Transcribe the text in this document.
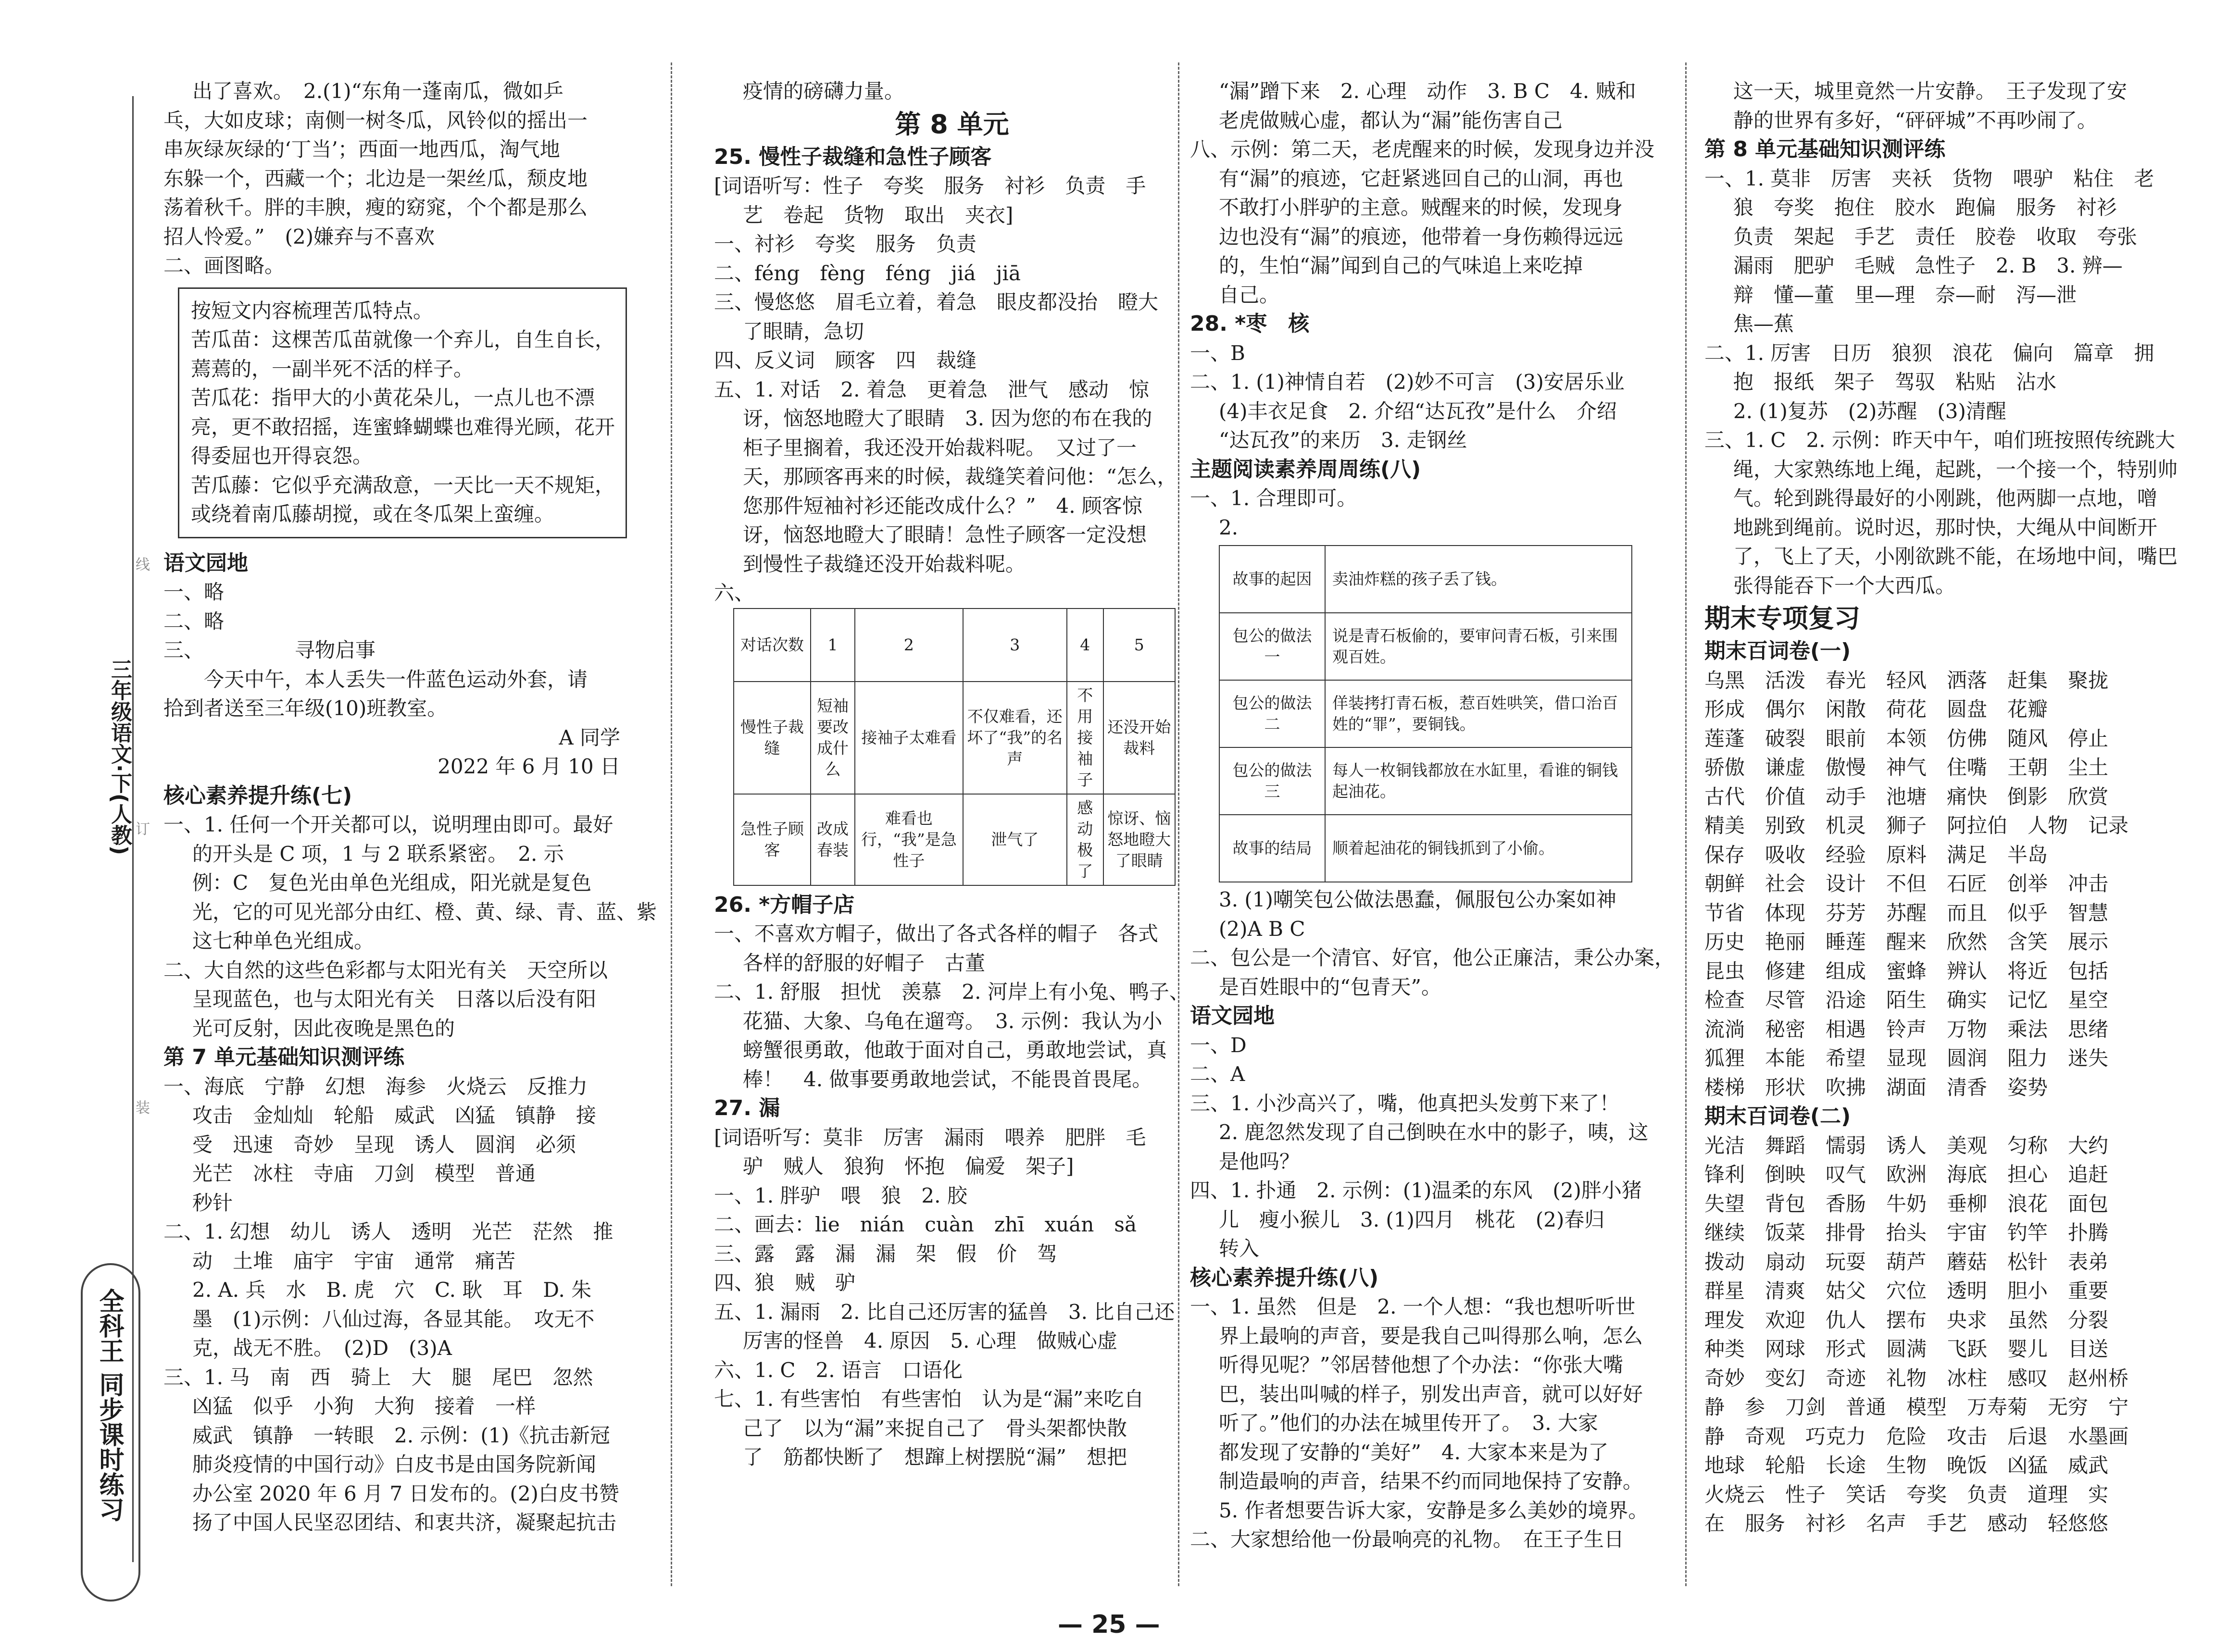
三年级语文·下(人教)
线
订
装
全科王 同步课时练习
出了喜欢。　2.(1)“东角一蓬南瓜，微如乒
乓，大如皮球；南侧一树冬瓜，风铃似的摇出一
串灰绿灰绿的‘丁当’；西面一地西瓜，淘气地
东躲一个，西藏一个；北边是一架丝瓜，颓皮地
荡着秋千。胖的丰腴，瘦的窈窕，个个都是那么
招人怜爱。”　(2)嫌弃与不喜欢
二、画图略。
按短文内容梳理苦瓜特点。
苦瓜苗：这棵苦瓜苗就像一个弃儿，自生自长，
蔫蔫的，一副半死不活的样子。
苦瓜花：指甲大的小黄花朵儿，一点儿也不漂
亮，更不敢招摇，连蜜蜂蝴蝶也难得光顾，花开
得委屈也开得哀怨。
苦瓜藤：它似乎充满敌意，一天比一天不规矩，
或绕着南瓜藤胡搅，或在冬瓜架上蛮缠。
语文园地
一、略
二、略
三、　　　　　寻物启事
　　今天中午，本人丢失一件蓝色运动外套，请
拾到者送至三年级(10)班教室。
A 同学
2022 年 6 月 10 日
核心素养提升练(七)
一、1. 任何一个开关都可以，说明理由即可。最好
的开头是 C 项，1 与 2 联系紧密。　2. 示
例：C　复色光由单色光组成，阳光就是复色
光，它的可见光部分由红、橙、黄、绿、青、蓝、紫
这七种单色光组成。
二、大自然的这些色彩都与太阳光有关　天空所以
呈现蓝色，也与太阳光有关　日落以后没有阳
光可反射，因此夜晚是黑色的
第 7 单元基础知识测评练
一、海底　宁静　幻想　海参　火烧云　反推力
攻击　金灿灿　轮船　威武　凶猛　镇静　接
受　迅速　奇妙　呈现　诱人　圆润　必须
光芒　冰柱　寺庙　刀剑　模型　普通
秒针
二、1. 幻想　幼儿　诱人　透明　光芒　茫然　推
动　土堆　庙宇　宇宙　通常　痛苦
2. A. 兵　水　B. 虎　穴　C. 耿　耳　D. 朱
墨　(1)示例：八仙过海，各显其能。　攻无不
克，战无不胜。　(2)D　(3)A
三、1. 马　南　西　骑上　大　腿　尾巴　忽然
凶猛　似乎　小狗　大狗　接着　一样
威武　镇静　一转眼　2. 示例：(1)《抗击新冠
肺炎疫情的中国行动》白皮书是由国务院新闻
办公室 2020 年 6 月 7 日发布的。(2)白皮书赞
扬了中国人民坚忍团结、和衷共济，凝聚起抗击
疫情的磅礴力量。
第 8 单元
25. 慢性子裁缝和急性子顾客
[词语听写：性子　夸奖　服务　衬衫　负责　手
艺　卷起　货物　取出　夹衣]
一、衬衫　夸奖　服务　负责
二、féng　fèng　féng　jiá　jiā
三、慢悠悠　眉毛立着，着急　眼皮都没抬　瞪大
了眼睛，急切
四、反义词　顾客　四　裁缝
五、1. 对话　2. 着急　更着急　泄气　感动　惊
讶，恼怒地瞪大了眼睛　3. 因为您的布在我的
柜子里搁着，我还没开始裁料呢。　又过了一
天，那顾客再来的时候，裁缝笑着问他：“怎么，
您那件短袖衬衫还能改成什么？”　4. 顾客惊
讶，恼怒地瞪大了眼睛！急性子顾客一定没想
到慢性子裁缝还没开始裁料呢。
六、
对话次数	1	2	3	4	5
慢性子裁缝	短袖要改成什么	接袖子太难看	不仅难看，还坏了“我”的名声	不用接袖子	还没开始裁料
急性子顾客	改成春装	难看也行，“我”是急性子	泄气了	感动极了	惊讶、恼怒地瞪大了眼睛
26. *方帽子店
一、不喜欢方帽子，做出了各式各样的帽子　各式
各样的舒服的好帽子　古董
二、1. 舒服　担忧　羡慕　2. 河岸上有小兔、鸭子、
花猫、大象、乌龟在遛弯。　3. 示例：我认为小
螃蟹很勇敢，他敢于面对自己，勇敢地尝试，真
棒！　4. 做事要勇敢地尝试，不能畏首畏尾。
27. 漏
[词语听写：莫非　厉害　漏雨　喂养　肥胖　毛
驴　贼人　狼狗　怀抱　偏爱　架子]
一、1. 胖驴　喂　狼　2. 胶
二、画去：lie　nián　cuàn　zhī　xuán　sǎ
三、露　露　漏　漏　架　假　价　驾
四、狼　贼　驴
五、1. 漏雨　2. 比自己还厉害的猛兽　3. 比自己还
厉害的怪兽　4. 原因　5. 心理　做贼心虚
六、1. C　2. 语言　口语化
七、1. 有些害怕　有些害怕　认为是“漏”来吃自
己了　以为“漏”来捉自己了　骨头架都快散
了　筋都快断了　想蹿上树摆脱“漏”　想把
“漏”蹭下来　2. 心理　动作　3. B C　4. 贼和
老虎做贼心虚，都认为“漏”能伤害自己
八、示例：第二天，老虎醒来的时候，发现身边并没
有“漏”的痕迹，它赶紧逃回自己的山洞，再也
不敢打小胖驴的主意。贼醒来的时候，发现身
边也没有“漏”的痕迹，他带着一身伤赖得远远
的，生怕“漏”闻到自己的气味追上来吃掉
自己。
28. *枣　核
一、B
二、1. (1)神情自若　(2)妙不可言　(3)安居乐业
(4)丰衣足食　2. 介绍“达瓦孜”是什么　介绍
“达瓦孜”的来历　3. 走钢丝
主题阅读素养周周练(八)
一、1. 合理即可。
2.
故事的起因	卖油炸糕的孩子丢了钱。
包公的做法一	说是青石板偷的，要审问青石板，引来围观百姓。
包公的做法二	佯装拷打青石板，惹百姓哄笑，借口治百姓的“罪”，要铜钱。
包公的做法三	每人一枚铜钱都放在水缸里，看谁的铜钱起油花。
故事的结局	顺着起油花的铜钱抓到了小偷。
3. (1)嘲笑包公做法愚蠢，佩服包公办案如神
(2)A B C
二、包公是一个清官、好官，他公正廉洁，秉公办案，
是百姓眼中的“包青天”。
语文园地
一、D
二、A
三、1. 小沙高兴了，嘴，他真把头发剪下来了！
2. 鹿忽然发现了自己倒映在水中的影子，咦，这
是他吗？
四、1. 扑通　2. 示例：(1)温柔的东风　(2)胖小猪
儿　瘦小猴儿　3. (1)四月　桃花　(2)春归
转入
核心素养提升练(八)
一、1. 虽然　但是　2. 一个人想：“我也想听听世
界上最响的声音，要是我自己叫得那么响，怎么
听得见呢？”邻居替他想了个办法：“你张大嘴
巴，装出叫喊的样子，别发出声音，就可以好好
听了。”他们的办法在城里传开了。　3. 大家
都发现了安静的“美好”　4. 大家本来是为了
制造最响的声音，结果不约而同地保持了安静。
5. 作者想要告诉大家，安静是多么美妙的境界。
二、大家想给他一份最响亮的礼物。　在王子生日
这一天，城里竟然一片安静。　王子发现了安
静的世界有多好，“砰砰城”不再吵闹了。
第 8 单元基础知识测评练
一、1. 莫非　厉害　夹袄　货物　喂驴　粘住　老
狼　夸奖　抱住　胶水　跑偏　服务　衬衫
负责　架起　手艺　责任　胶卷　收取　夸张
漏雨　肥驴　毛贼　急性子　2. B　3. 辨—
辩　懂—董　里—理　奈—耐　泻—泄
焦—蕉
二、1. 厉害　日历　狼狈　浪花　偏向　篇章　拥
抱　报纸　架子　驾驭　粘贴　沾水
2. (1)复苏　(2)苏醒　(3)清醒
三、1. C　2. 示例：昨天中午，咱们班按照传统跳大
绳，大家熟练地上绳，起跳，一个接一个，特别帅
气。轮到跳得最好的小刚跳，他两脚一点地，噌
地跳到绳前。说时迟，那时快，大绳从中间断开
了，飞上了天，小刚欲跳不能，在场地中间，嘴巴
张得能吞下一个大西瓜。
期末专项复习
期末百词卷(一)
乌黑　活泼　春光　轻风　洒落　赶集　聚拢
形成　偶尔　闲散　荷花　圆盘　花瓣
莲蓬　破裂　眼前　本领　仿佛　随风　停止
骄傲　谦虚　傲慢　神气　住嘴　王朝　尘土
古代　价值　动手　池塘　痛快　倒影　欣赏
精美　别致　机灵　狮子　阿拉伯　人物　记录
保存　吸收　经验　原料　满足　半岛
朝鲜　社会　设计　不但　石匠　创举　冲击
节省　体现　芬芳　苏醒　而且　似乎　智慧
历史　艳丽　睡莲　醒来　欣然　含笑　展示
昆虫　修建　组成　蜜蜂　辨认　将近　包括
检查　尽管　沿途　陌生　确实　记忆　星空
流淌　秘密　相遇　铃声　万物　乘法　思绪
狐狸　本能　希望　显现　圆润　阻力　迷失
楼梯　形状　吹拂　湖面　清香　姿势
期末百词卷(二)
光洁　舞蹈　懦弱　诱人　美观　匀称　大约
锋利　倒映　叹气　欧洲　海底　担心　追赶
失望　背包　香肠　牛奶　垂柳　浪花　面包
继续　饭菜　排骨　抬头　宇宙　钓竿　扑腾
拨动　扇动　玩耍　葫芦　蘑菇　松针　表弟
群星　清爽　姑父　穴位　透明　胆小　重要
理发　欢迎　仇人　摆布　央求　虽然　分裂
种类　网球　形式　圆满　飞跃　婴儿　目送
奇妙　变幻　奇迹　礼物　冰柱　感叹　赵州桥
静　参　刀剑　普通　模型　万寿菊　无穷　宁
静　奇观　巧克力　危险　攻击　后退　水墨画
地球　轮船　长途　生物　晚饭　凶猛　威武
火烧云　性子　笑话　夸奖　负责　道理　实
在　服务　衬衫　名声　手艺　感动　轻悠悠
— 25 —
